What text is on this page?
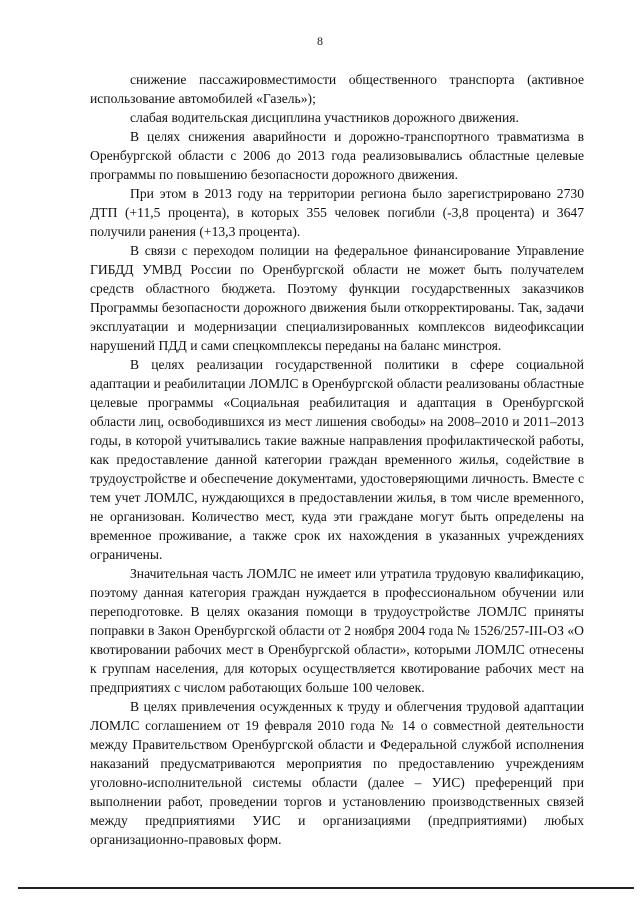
8

снижение пассажировместимости общественного транспорта (активное использование автомобилей «Газель»);

слабая водительская дисциплина участников дорожного движения.

В целях снижения аварийности и дорожно-транспортного травматизма в Оренбургской области с 2006 до 2013 года реализовывались областные целевые программы по повышению безопасности дорожного движения.

При этом в 2013 году на территории региона было зарегистрировано 2730 ДТП (+11,5 процента), в которых 355 человек погибли (-3,8 процента) и 3647 получили ранения (+13,3 процента).

В связи с переходом полиции на федеральное финансирование Управление ГИБДД УМВД России по Оренбургской области не может быть получателем средств областного бюджета. Поэтому функции государственных заказчиков Программы безопасности дорожного движения были откорректированы. Так, задачи эксплуатации и модернизации специализированных комплексов видеофиксации нарушений ПДД и сами спецкомплексы переданы на баланс минстроя.

В целях реализации государственной политики в сфере социальной адаптации и реабилитации ЛОМЛС в Оренбургской области реализованы областные целевые программы «Социальная реабилитация и адаптация в Оренбургской области лиц, освободившихся из мест лишения свободы» на 2008–2010 и 2011–2013 годы, в которой учитывались такие важные направления профилактической работы, как предоставление данной категории граждан временного жилья, содействие в трудоустройстве и обеспечение документами, удостоверяющими личность. Вместе с тем учет ЛОМЛС, нуждающихся в предоставлении жилья, в том числе временного, не организован. Количество мест, куда эти граждане могут быть определены на временное проживание, а также срок их нахождения в указанных учреждениях ограничены.

Значительная часть ЛОМЛС не имеет или утратила трудовую квалификацию, поэтому данная категория граждан нуждается в профессиональном обучении или переподготовке. В целях оказания помощи в трудоустройстве ЛОМЛС приняты поправки в Закон Оренбургской области от 2 ноября 2004 года № 1526/257-III-ОЗ «О квотировании рабочих мест в Оренбургской области», которыми ЛОМЛС отнесены к группам населения, для которых осуществляется квотирование рабочих мест на предприятиях с числом работающих больше 100 человек.

В целях привлечения осужденных к труду и облегчения трудовой адаптации ЛОМЛС соглашением от 19 февраля 2010 года № 14 о совместной деятельности между Правительством Оренбургской области и Федеральной службой исполнения наказаний предусматриваются мероприятия по предоставлению учреждениям уголовно-исполнительной системы области (далее – УИС) преференций при выполнении работ, проведении торгов и установлению производственных связей между предприятиями УИС и организациями (предприятиями) любых организационно-правовых форм.
